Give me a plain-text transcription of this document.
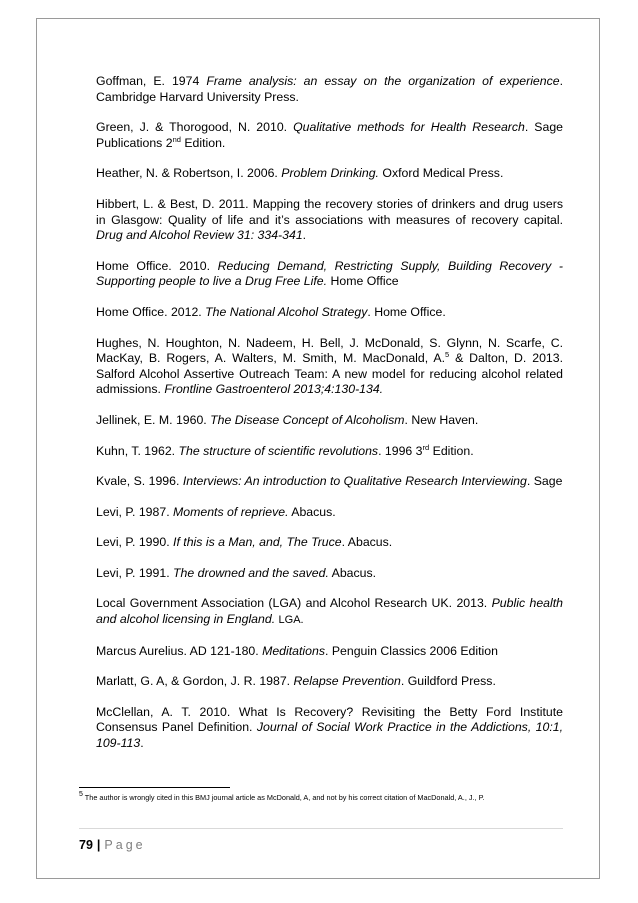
Goffman, E. 1974 Frame analysis: an essay on the organization of experience. Cambridge Harvard University Press.

Green, J. & Thorogood, N. 2010. Qualitative methods for Health Research. Sage Publications 2nd Edition.

Heather, N. & Robertson, I. 2006. Problem Drinking. Oxford Medical Press.

Hibbert, L. & Best, D. 2011. Mapping the recovery stories of drinkers and drug users in Glasgow: Quality of life and it’s associations with measures of recovery capital. Drug and Alcohol Review 31: 334-341.

Home Office. 2010. Reducing Demand, Restricting Supply, Building Recovery - Supporting people to live a Drug Free Life. Home Office

Home Office. 2012. The National Alcohol Strategy. Home Office.

Hughes, N. Houghton, N. Nadeem, H. Bell, J. McDonald, S. Glynn, N. Scarfe, C. MacKay, B. Rogers, A. Walters, M. Smith, M. MacDonald, A.$^5$ & Dalton, D. 2013. Salford Alcohol Assertive Outreach Team: A new model for reducing alcohol related admissions. Frontline Gastroenterol 2013;4:130-134.

Jellinek, E. M. 1960. The Disease Concept of Alcoholism. New Haven.

Kuhn, T. 1962. The structure of scientific revolutions. 1996 3rd Edition.

Kvale, S. 1996. Interviews: An introduction to Qualitative Research Interviewing. Sage

Levi, P. 1987. Moments of reprieve. Abacus.

Levi, P. 1990. If this is a Man, and, The Truce. Abacus.

Levi, P. 1991. The drowned and the saved. Abacus.

Local Government Association (LGA) and Alcohol Research UK. 2013. Public health and alcohol licensing in England. LGA.

Marcus Aurelius. AD 121-180. Meditations. Penguin Classics 2006 Edition

Marlatt, G. A, & Gordon, J. R. 1987. Relapse Prevention. Guildford Press.

McClellan, A. T. 2010. What Is Recovery? Revisiting the Betty Ford Institute Consensus Panel Definition. Journal of Social Work Practice in the Addictions, 10:1, 109-113.

$^5$ The author is wrongly cited in this BMJ journal article as McDonald, A, and not by his correct citation of MacDonald, A., J., P.
79 | Page
